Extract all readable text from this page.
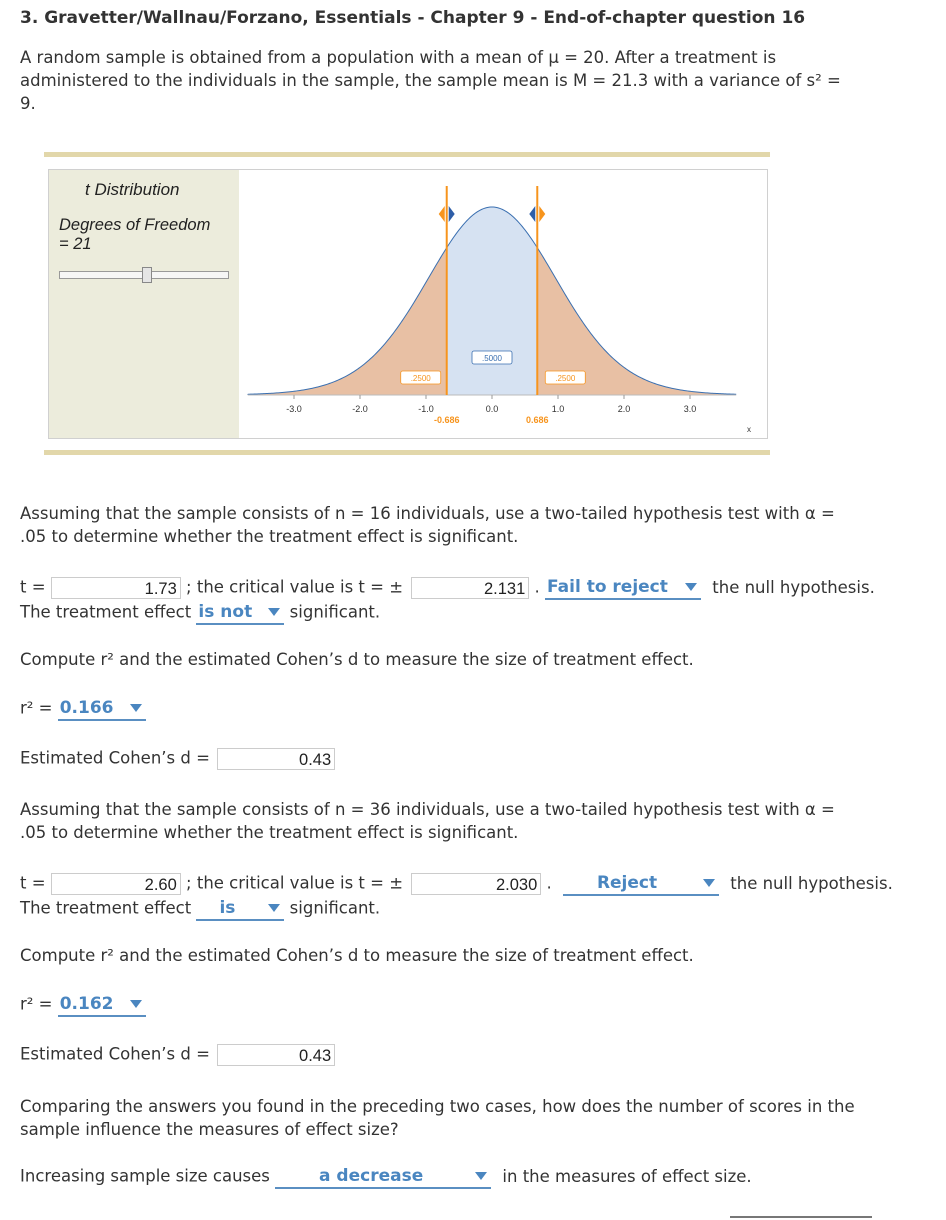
3. Gravetter/Wallnau/Forzano, Essentials - Chapter 9 - End-of-chapter question 16
A random sample is obtained from a population with a mean of μ = 20. After a treatment is
administered to the individuals in the sample, the sample mean is M = 21.3 with a variance of s² =
9.
t Distribution
Degrees of Freedom
= 21
-3.0	-2.0	-1.0	0.0	1.0	2.0	3.0
.2500
.5000
.2500
-0.686	0.686
x
Assuming that the sample consists of n = 16 individuals, use a two-tailed hypothesis test with α =
.05 to determine whether the treatment effect is significant.
t =	1.73 ; the critical value is t = ±	2.131 . Fail to reject	the null hypothesis.
The treatment effect is not significant.
Compute r² and the estimated Cohen’s d to measure the size of treatment effect.
r² = 0.166
Estimated Cohen’s d =	0.43
Assuming that the sample consists of n = 36 individuals, use a two-tailed hypothesis test with α =
.05 to determine whether the treatment effect is significant.
t =	2.60 ; the critical value is t = ±	2.030 .	Reject	the null hypothesis.
The treatment effect is	significant.
Compute r² and the estimated Cohen’s d to measure the size of treatment effect.
r² = 0.162
Estimated Cohen’s d =	0.43
Comparing the answers you found in the preceding two cases, how does the number of scores in the
sample influence the measures of effect size?
Increasing sample size causes	a decrease	in the measures of effect size.
